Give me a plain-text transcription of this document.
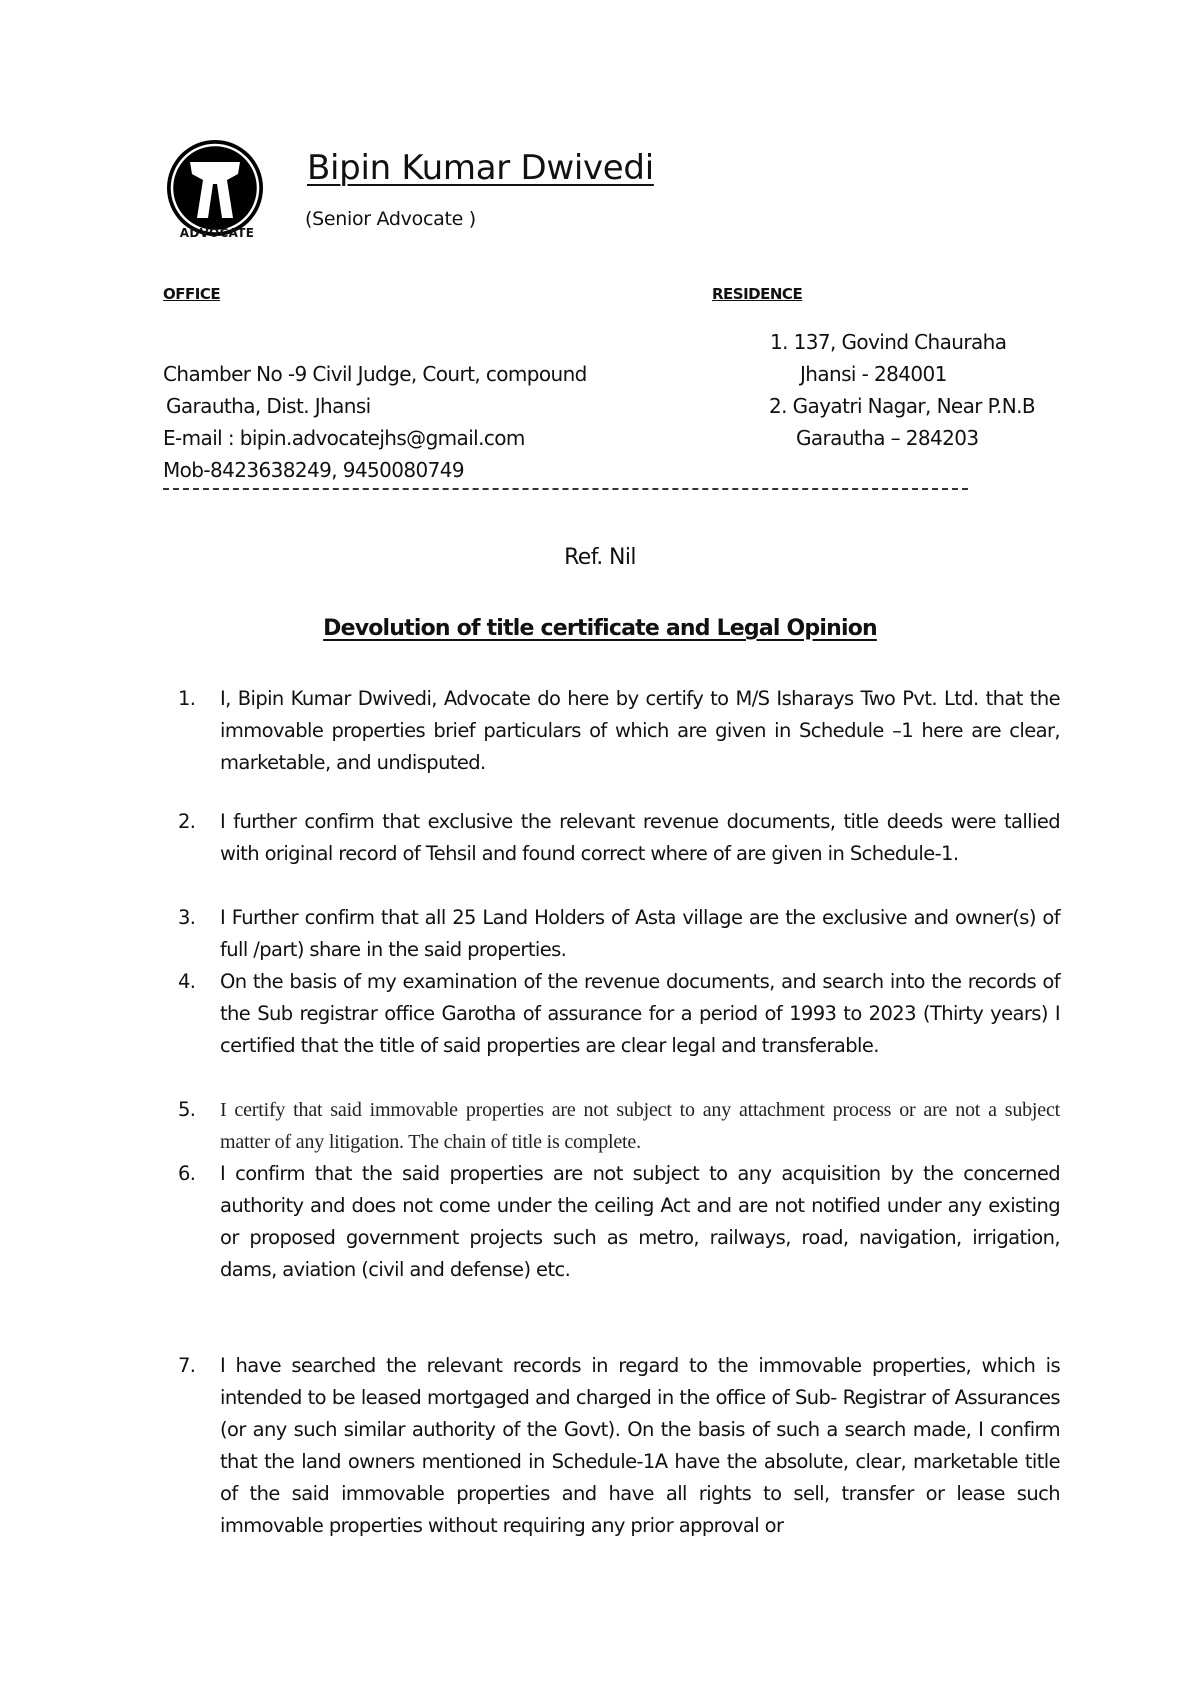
ADVOCATE
Bipin Kumar Dwivedi
(Senior Advocate )
OFFICE	RESIDENCE
Chamber No -9 Civil Judge, Court, compound
Garautha, Dist. Jhansi
E-mail : bipin.advocatejhs@gmail.com
Mob-8423638249, 9450080749
1. 137, Govind Chauraha
Jhansi - 284001
2. Gayatri Nagar, Near P.N.B
Garautha – 284203
Ref. Nil
Devolution of title certificate and Legal Opinion
1.	I, Bipin Kumar Dwivedi, Advocate do here by certify to M/S Isharays Two Pvt. Ltd. that the immovable properties brief particulars of which are given in Schedule –1 here are clear, marketable, and undisputed.
2.	I further confirm that exclusive the relevant revenue documents, title deeds were tallied with original record of Tehsil and found correct where of are given in Schedule-1.
3.	I Further confirm that all 25 Land Holders of Asta village are the exclusive and owner(s) of full /part) share in the said properties.
4.	On the basis of my examination of the revenue documents, and search into the records of the Sub registrar office Garotha of assurance for a period of 1993 to 2023 (Thirty years) I certified that the title of said properties are clear legal and transferable.
5.	I certify that said immovable properties are not subject to any attachment process or are not a subject matter of any litigation. The chain of title is complete.
6.	I confirm that the said properties are not subject to any acquisition by the concerned authority and does not come under the ceiling Act and are not notified under any existing or proposed government projects such as metro, railways, road, navigation, irrigation, dams, aviation (civil and defense) etc.
7.	I have searched the relevant records in regard to the immovable properties, which is intended to be leased mortgaged and charged in the office of Sub- Registrar of Assurances (or any such similar authority of the Govt). On the basis of such a search made, I confirm that the land owners mentioned in Schedule-1A have the absolute, clear, marketable title of the said immovable properties and have all rights to sell, transfer or lease such immovable properties without requiring any prior approval or
